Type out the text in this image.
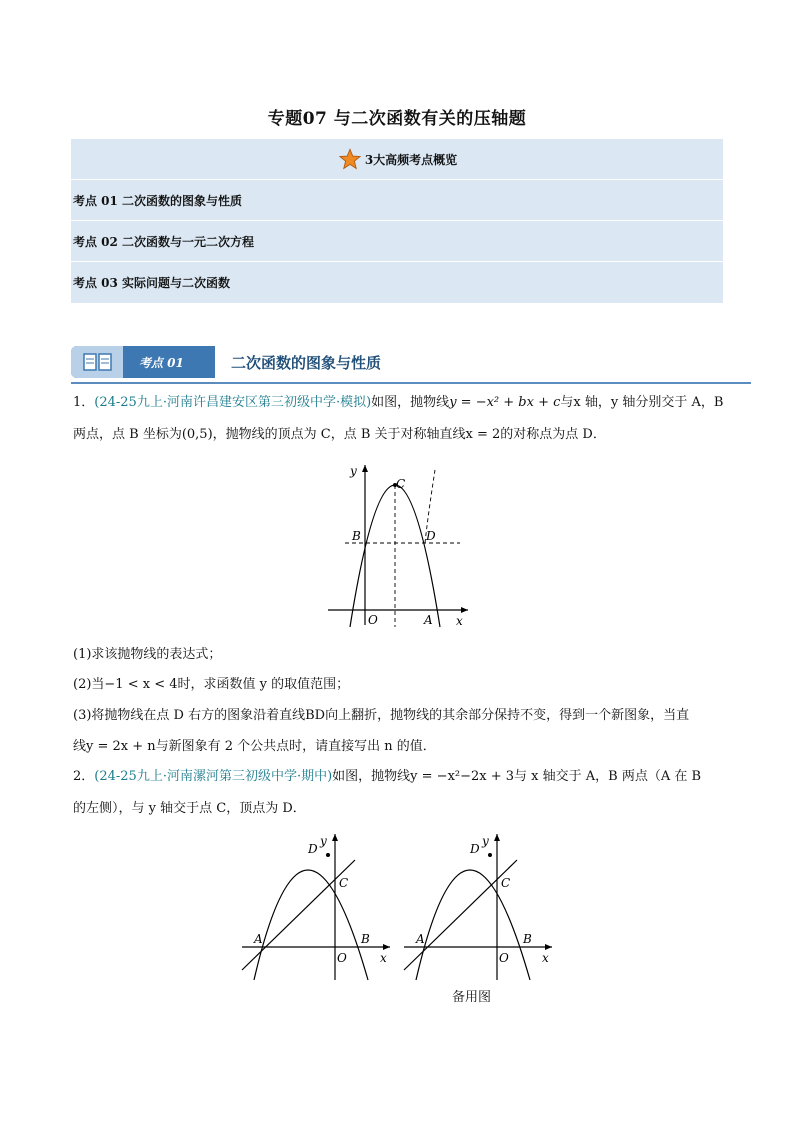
专题07 与二次函数有关的压轴题
3大高频考点概览
考点 01 二次函数的图象与性质
考点 02 二次函数与一元二次方程
考点 03 实际问题与二次函数
考点 01	二次函数的图象与性质
1．(24-25九上·河南许昌建安区第三初级中学·模拟)如图，抛物线y = −x² + bx + c与x 轴，y 轴分别交于 A，B
两点，点 B 坐标为(0,5)，抛物线的顶点为 C，点 B 关于对称轴直线x = 2的对称点为点 D．
y
x
O	A
B
C
D
(1)求该抛物线的表达式；
(2)当−1 < x < 4时，求函数值 y 的取值范围；
(3)将抛物线在点 D 右方的图象沿着直线BD向上翻折，抛物线的其余部分保持不变，得到一个新图象，当直
线y = 2x + n与新图象有 2 个公共点时，请直接写出 n 的值．
2．(24-25九上·河南漯河第三初级中学·期中)如图，抛物线y = −x²−2x + 3与 x 轴交于 A，B 两点（A 在 B
的左侧），与 y 轴交于点 C，顶点为 D．
y
x
O
A	B
C
D
y
x
O
A	B
C
D
备用图
